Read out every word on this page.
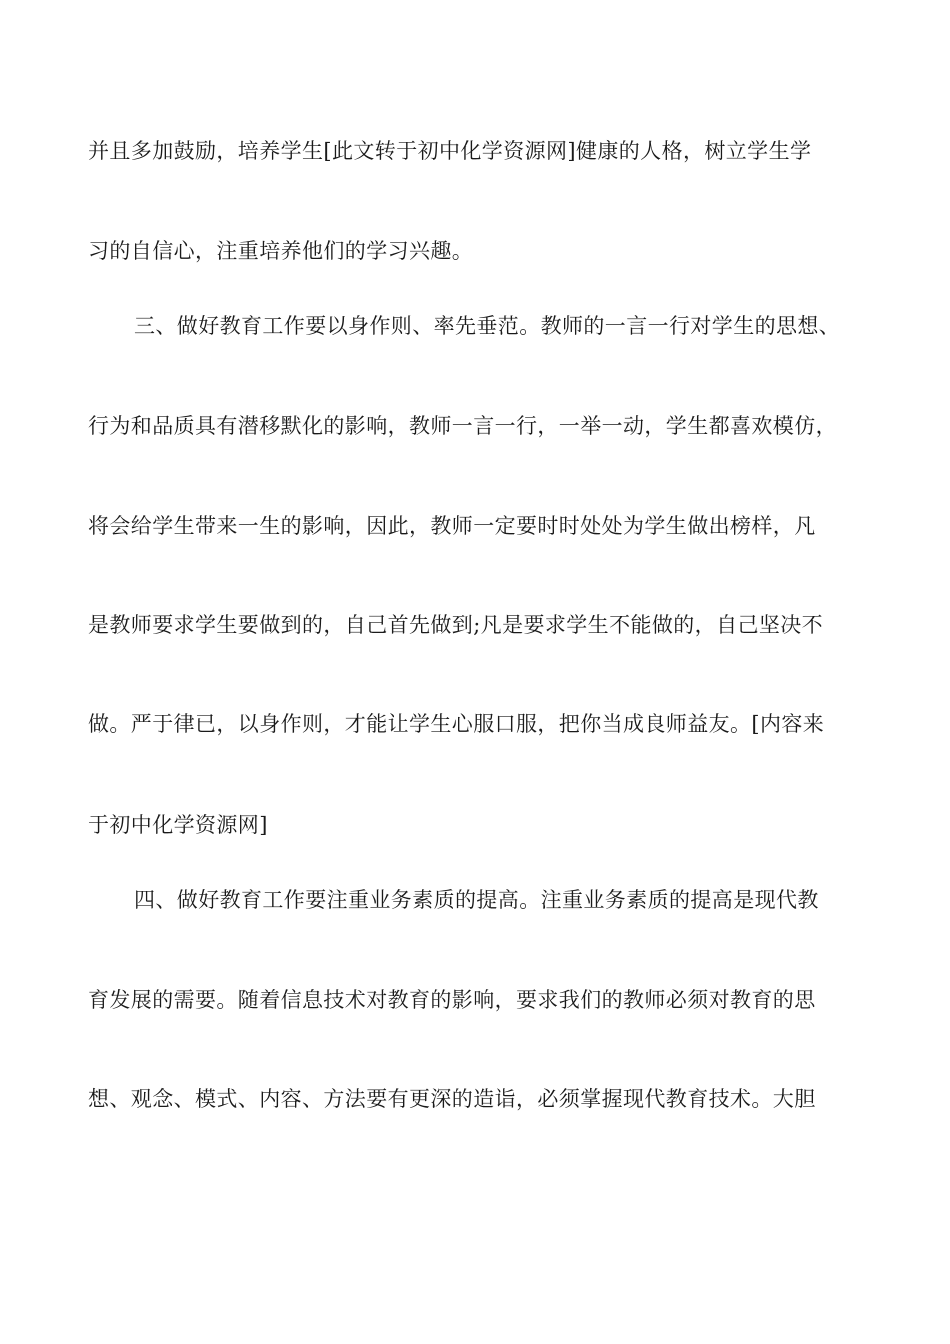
并且多加鼓励，培养学生[此文转于初中化学资源网]健康的人格，树立学生学
习的自信心，注重培养他们的学习兴趣。
三、做好教育工作要以身作则、率先垂范。教师的一言一行对学生的思想、
行为和品质具有潜移默化的影响，教师一言一行，一举一动，学生都喜欢模仿，
将会给学生带来一生的影响，因此，教师一定要时时处处为学生做出榜样，凡
是教师要求学生要做到的，自己首先做到;凡是要求学生不能做的，自己坚决不
做。严于律已，以身作则，才能让学生心服口服，把你当成良师益友。[内容来
于初中化学资源网]
四、做好教育工作要注重业务素质的提高。注重业务素质的提高是现代教
育发展的需要。随着信息技术对教育的影响，要求我们的教师必须对教育的思
想、观念、模式、内容、方法要有更深的造诣，必须掌握现代教育技术。大胆
